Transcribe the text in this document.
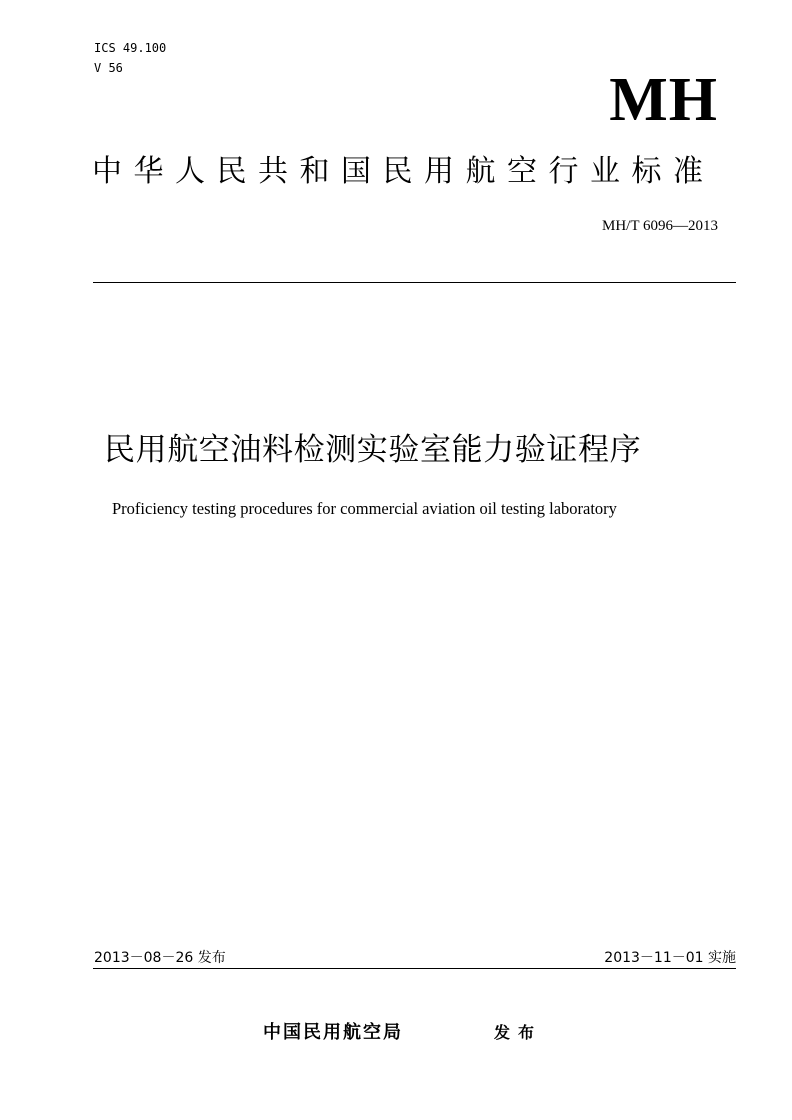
ICS 49.100
V 56	MH
中华人民共和国民用航空行业标准
MH/T 6096—2013
民用航空油料检测实验室能力验证程序
Proficiency testing procedures for commercial aviation oil testing laboratory
2013－08－26 发布	2013－11－01 实施
中国民用航空局	发布
